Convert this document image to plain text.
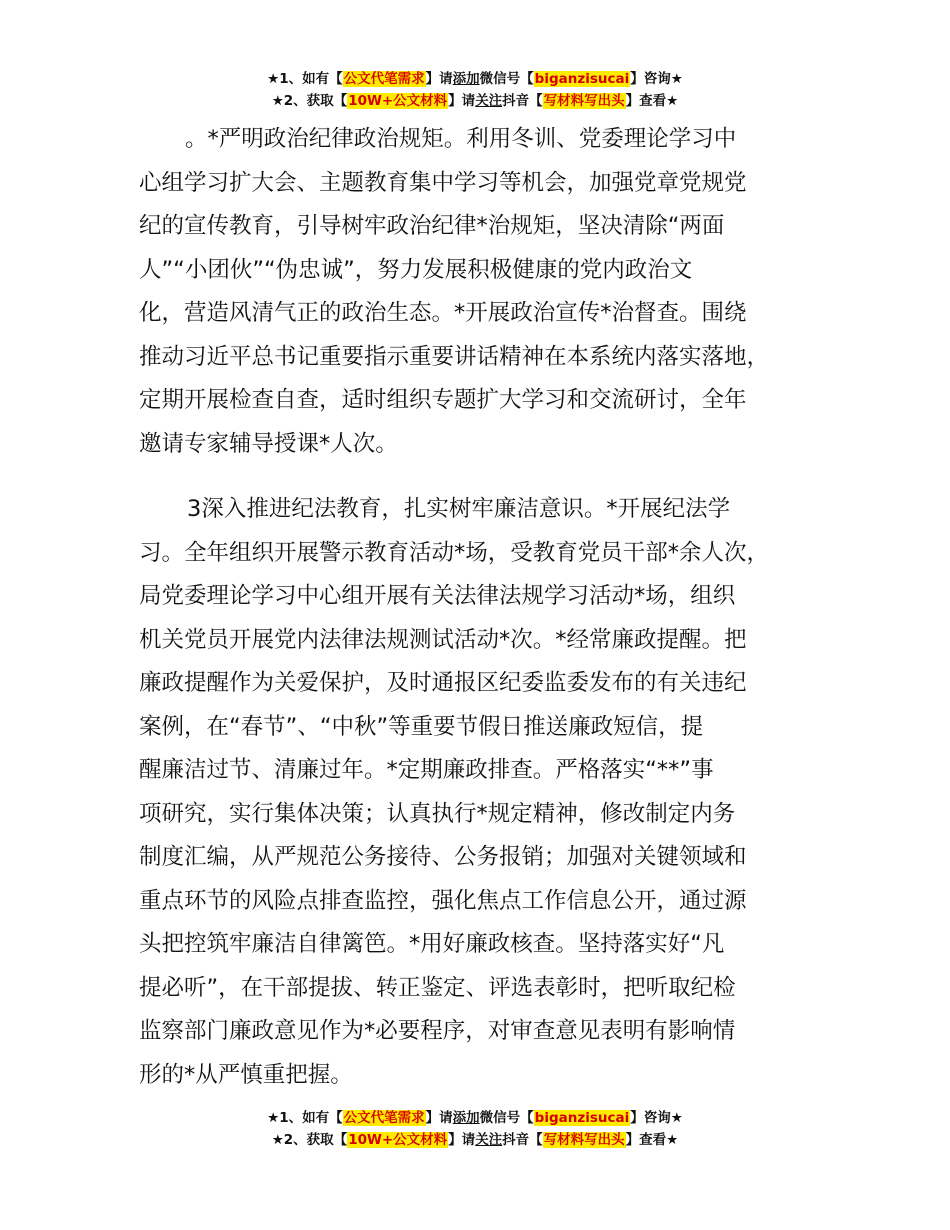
★1、如有【公文代笔需求】请添加微信号【biganzisucai】咨询★
★2、获取【10W+公文材料】请关注抖音【写材料写出头】查看★
。*严明政治纪律政治规矩。利用冬训、党委理论学习中
心组学习扩大会、主题教育集中学习等机会，加强党章党规党
纪的宣传教育，引导树牢政治纪律*治规矩，坚决清除“两面
人”“小团伙”“伪忠诚”，努力发展积极健康的党内政治文
化，营造风清气正的政治生态。*开展政治宣传*治督查。围绕
推动习近平总书记重要指示重要讲话精神在本系统内落实落地，
定期开展检查自查，适时组织专题扩大学习和交流研讨，全年
邀请专家辅导授课*人次。
3深入推进纪法教育，扎实树牢廉洁意识。*开展纪法学
习。全年组织开展警示教育活动*场，受教育党员干部*余人次，
局党委理论学习中心组开展有关法律法规学习活动*场，组织
机关党员开展党内法律法规测试活动*次。*经常廉政提醒。把
廉政提醒作为关爱保护，及时通报区纪委监委发布的有关违纪
案例，在“春节”、“中秋”等重要节假日推送廉政短信，提
醒廉洁过节、清廉过年。*定期廉政排查。严格落实“**”事
项研究，实行集体决策；认真执行*规定精神，修改制定内务
制度汇编，从严规范公务接待、公务报销；加强对关键领域和
重点环节的风险点排查监控，强化焦点工作信息公开，通过源
头把控筑牢廉洁自律篱笆。*用好廉政核查。坚持落实好“凡
提必听”，在干部提拔、转正鉴定、评选表彰时，把听取纪检
监察部门廉政意见作为*必要程序，对审查意见表明有影响情
形的*从严慎重把握。
★1、如有【公文代笔需求】请添加微信号【biganzisucai】咨询★
★2、获取【10W+公文材料】请关注抖音【写材料写出头】查看★
